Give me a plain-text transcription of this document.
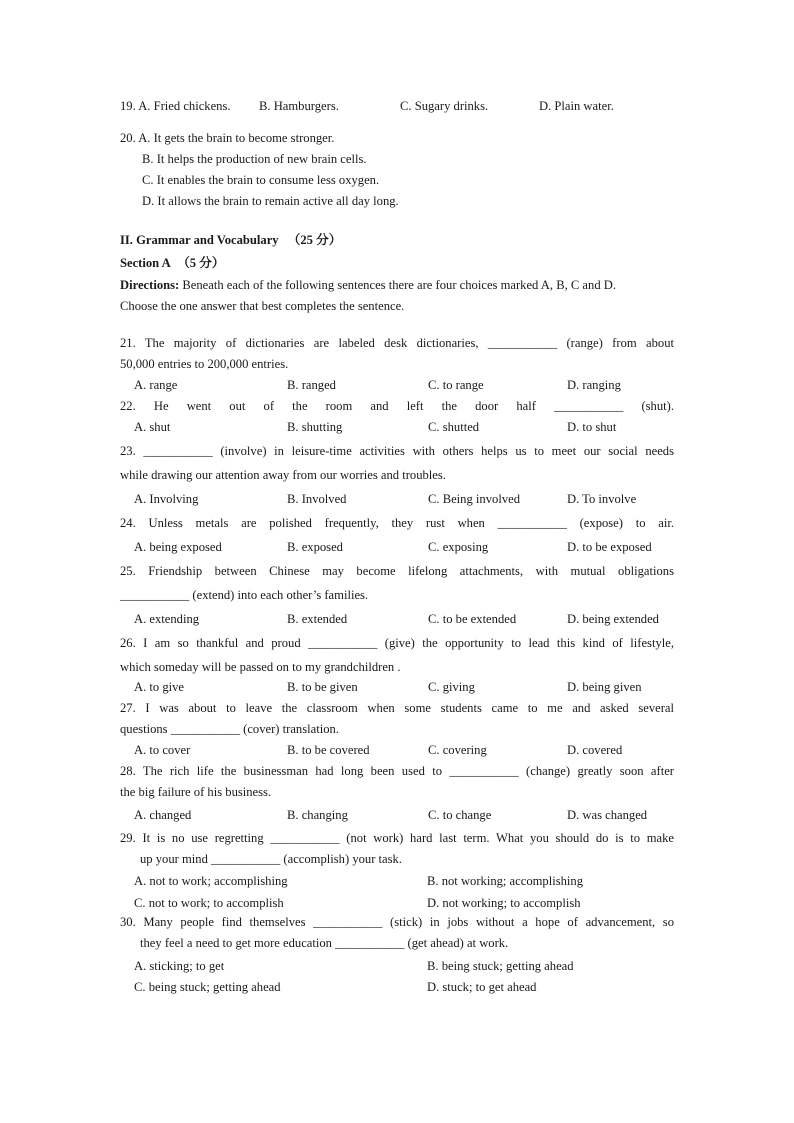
19. A. Fried chickens. B. Hamburgers.	C. Sugary drinks.	D. Plain water.
20. A. It gets the brain to become stronger.
B. It helps the production of new brain cells.
C. It enables the brain to consume less oxygen.
D. It allows the brain to remain active all day long.
II. Grammar and Vocabulary （25 分）
Section A （5 分）
Directions: Beneath each of the following sentences there are four choices marked A, B, C and D.
Choose the one answer that best completes the sentence.
21. The majority of dictionaries are labeled desk dictionaries, ___________ (range) from about
50,000 entries to 200,000 entries.
A. range	B. ranged	C. to range	D. ranging
22. He went out of the room and left the door half ___________ (shut).
A. shut	B. shutting	C. shutted	D. to shut
23. ___________ (involve) in leisure-time activities with others helps us to meet our social needs
while drawing our attention away from our worries and troubles.
A. Involving	B. Involved	C. Being involved	D. To involve
24. Unless metals are polished frequently, they rust when ___________ (expose) to air.
A. being exposed	B. exposed	C. exposing	D. to be exposed
25. Friendship between Chinese may become lifelong attachments, with mutual obligations
___________ (extend) into each other’s families.
A. extending	B. extended	C. to be extended	D. being extended
26. I am so thankful and proud ___________ (give) the opportunity to lead this kind of lifestyle,
which someday will be passed on to my grandchildren .
A. to give	B. to be given	C. giving	D. being given
27. I was about to leave the classroom when some students came to me and asked several
questions ___________ (cover) translation.
A. to cover	B. to be covered	C. covering	D. covered
28. The rich life the businessman had long been used to ___________ (change) greatly soon after
the big failure of his business.
A. changed	B. changing	C. to change	D. was changed
29. It is no use regretting ___________ (not work) hard last term. What you should do is to make
up your mind ___________ (accomplish) your task.
A. not to work; accomplishing	B. not working; accomplishing
C. not to work; to accomplish	D. not working; to accomplish
30. Many people find themselves ___________ (stick) in jobs without a hope of advancement, so
they feel a need to get more education ___________ (get ahead) at work.
A. sticking; to get	B. being stuck; getting ahead
C. being stuck; getting ahead	D. stuck; to get ahead
